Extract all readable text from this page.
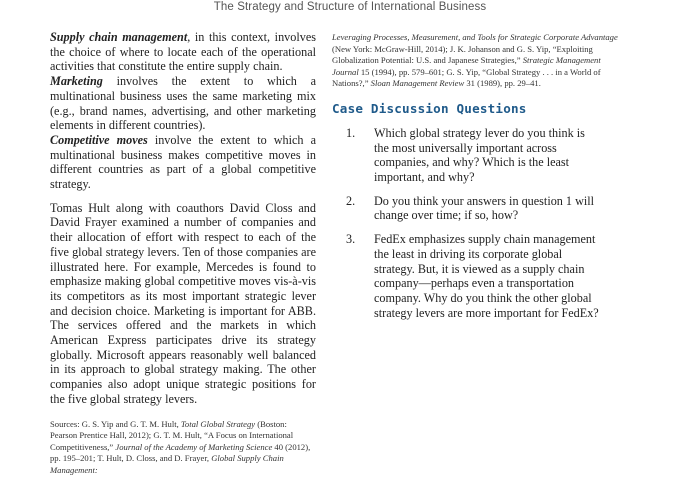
The Strategy and Structure of International Business

Supply chain management, in this context, involves the choice of where to locate each of the operational activities that constitute the entire supply chain.

Marketing involves the extent to which a multinational business uses the same marketing mix (e.g., brand names, advertising, and other marketing elements in different countries).

Competitive moves involve the extent to which a multinational business makes competitive moves in different countries as part of a global competitive strategy.

Tomas Hult along with coauthors David Closs and David Frayer examined a number of companies and their allocation of effort with respect to each of the five global strategy levers. Ten of those companies are illustrated here. For example, Mercedes is found to emphasize making global competitive moves vis-à-vis its competitors as its most important strategic lever and decision choice. Marketing is important for ABB. The services offered and the markets in which American Express participates drive its strategy globally. Microsoft appears reasonably well balanced in its approach to global strategy making. The other companies also adopt unique strategic positions for the five global strategy levers.

Sources: G. S. Yip and G. T. M. Hult, Total Global Strategy (Boston: Pearson Prentice Hall, 2012); G. T. M. Hult, “A Focus on International Competitiveness,” Journal of the Academy of Marketing Science 40 (2012), pp. 195–201; T. Hult, D. Closs, and D. Frayer, Global Supply Chain Management:

Leveraging Processes, Measurement, and Tools for Strategic Corporate Advantage (New York: McGraw-Hill, 2014); J. K. Johanson and G. S. Yip, “Exploiting Globalization Potential: U.S. and Japanese Strategies,” Strategic Management Journal 15 (1994), pp. 579–601; G. S. Yip, “Global Strategy . . . in a World of Nations?,” Sloan Management Review 31 (1989), pp. 29–41.

Case Discussion Questions
1.	Which global strategy lever do you think is the most universally important across companies, and why? Which is the least important, and why?
2.	Do you think your answers in question 1 will change over time; if so, how?
3.	FedEx emphasizes supply chain management the least in driving its corporate global strategy. But, it is viewed as a supply chain company—perhaps even a transportation company. Why do you think the other global strategy levers are more important for FedEx?
